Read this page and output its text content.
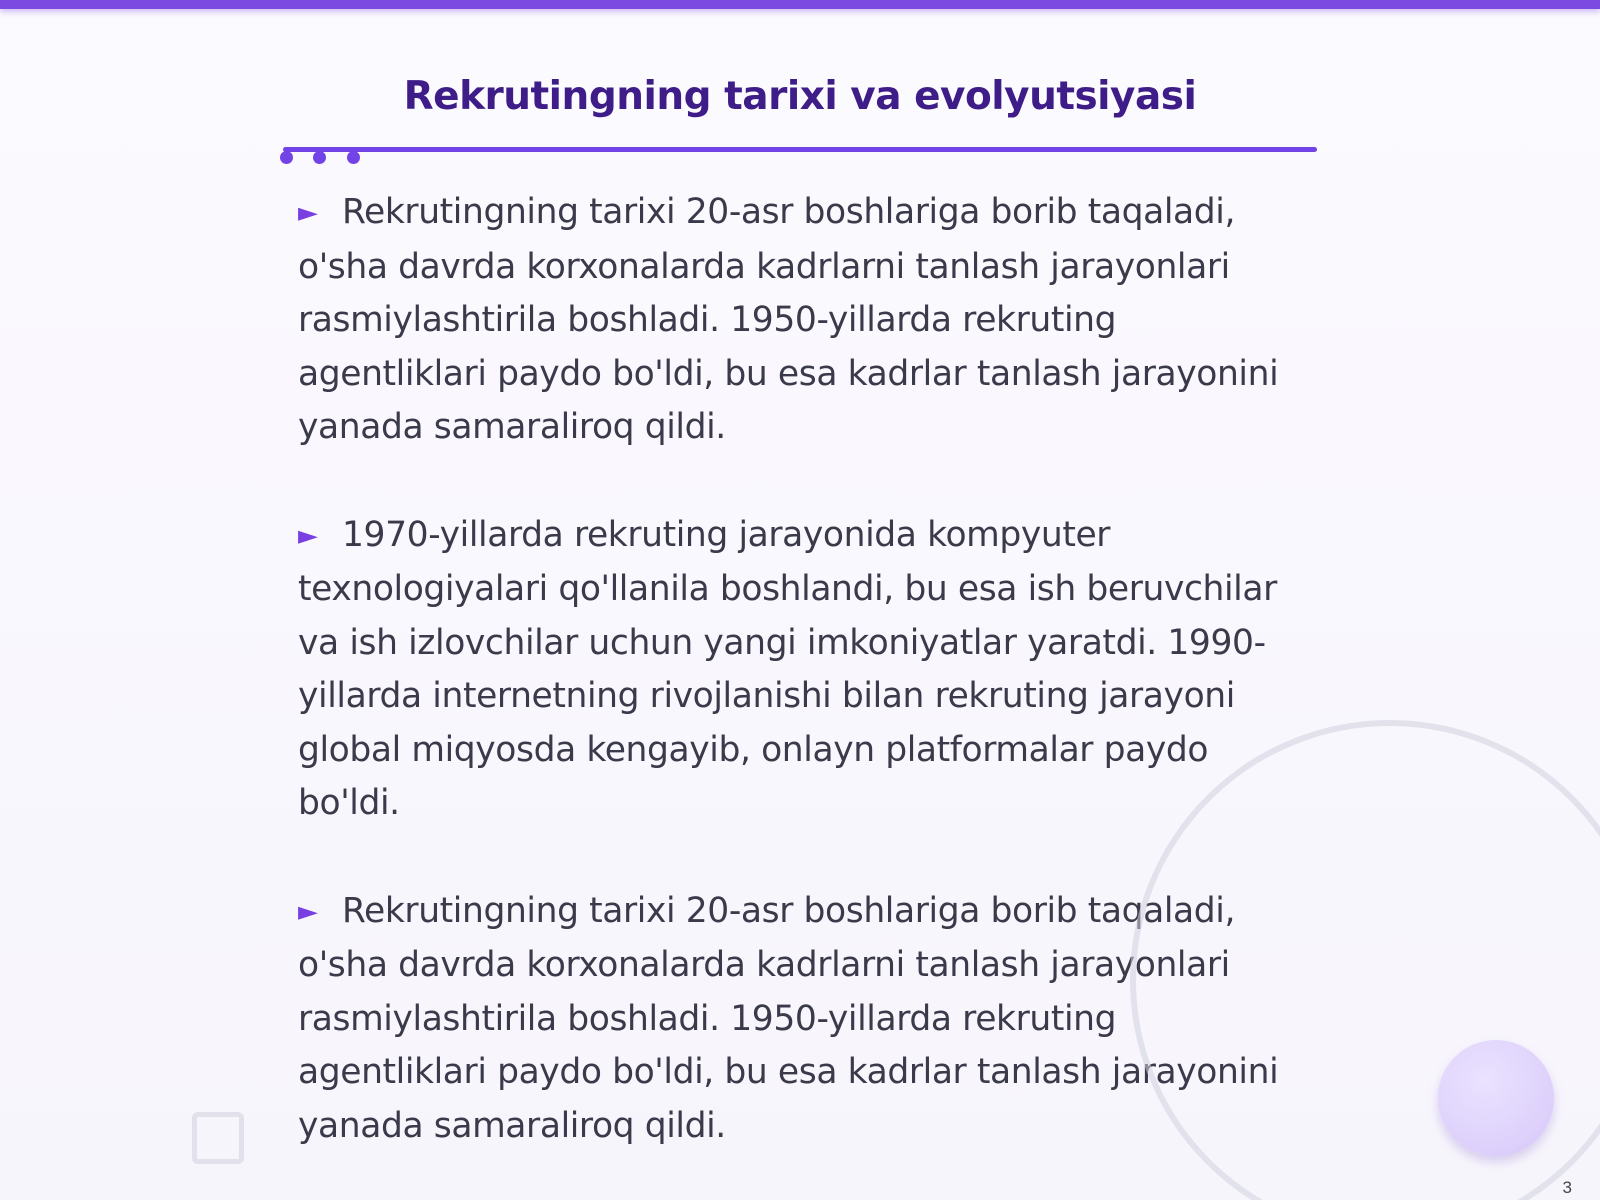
Rekrutingning tarixi va evolyutsiyasi

► Rekrutingning tarixi 20-asr boshlariga borib taqaladi, o'sha davrda korxonalarda kadrlarni tanlash jarayonlari rasmiylashtirila boshladi. 1950-yillarda rekruting agentliklari paydo bo'ldi, bu esa kadrlar tanlash jarayonini yanada samaraliroq qildi.

► 1970-yillarda rekruting jarayonida kompyuter texnologiyalari qo'llanila boshlandi, bu esa ish beruvchilar va ish izlovchilar uchun yangi imkoniyatlar yaratdi. 1990-yillarda internetning rivojlanishi bilan rekruting jarayoni global miqyosda kengayib, onlayn platformalar paydo bo'ldi.

► Rekrutingning tarixi 20-asr boshlariga borib taqaladi, o'sha davrda korxonalarda kadrlarni tanlash jarayonlari rasmiylashtirila boshladi. 1950-yillarda rekruting agentliklari paydo bo'ldi, bu esa kadrlar tanlash jarayonini yanada samaraliroq qildi.

3
